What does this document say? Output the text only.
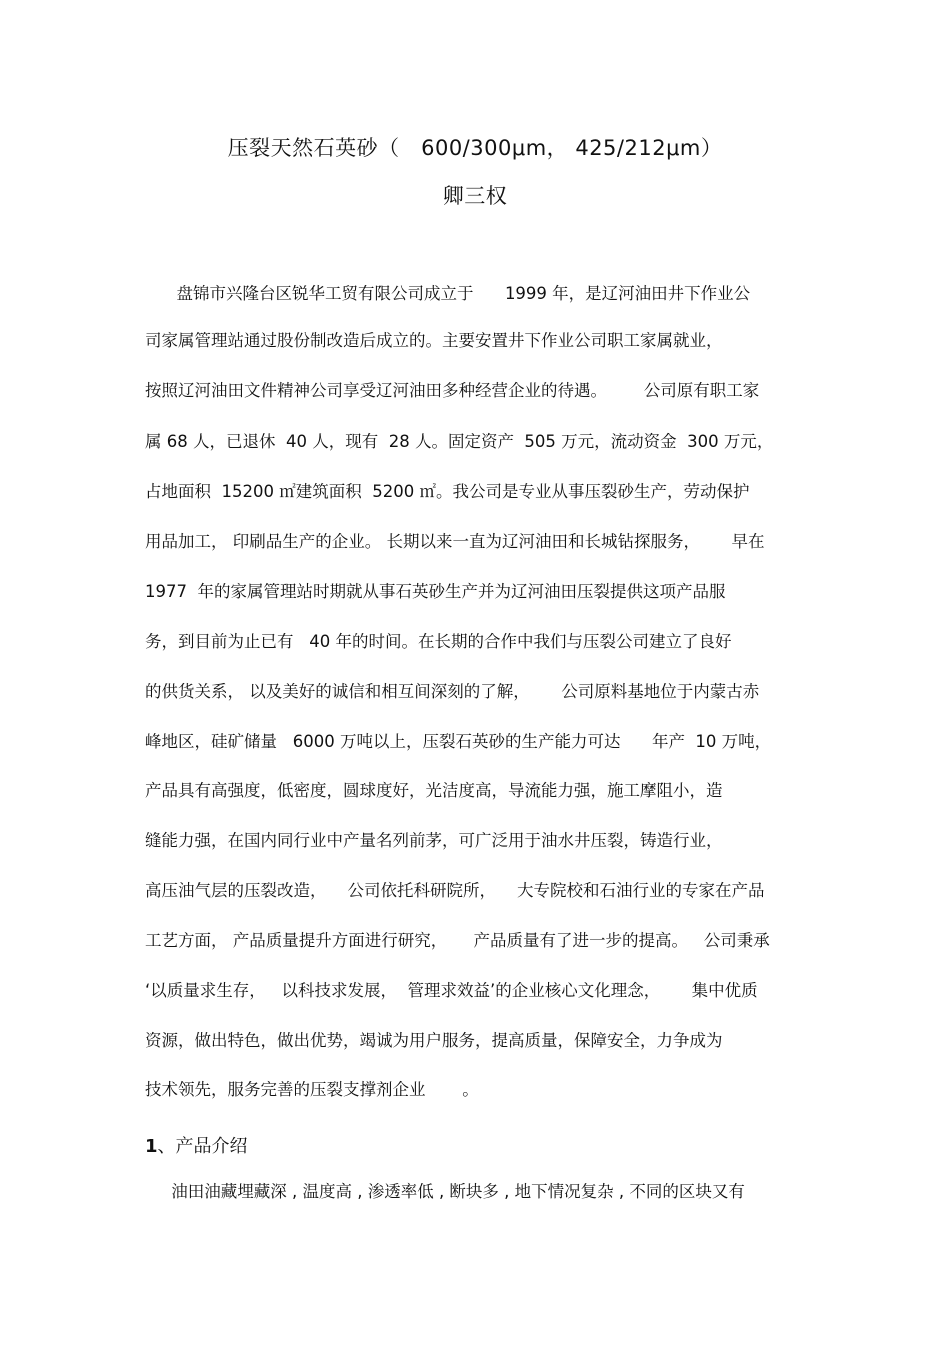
压裂天然石英砂（   600/300μm， 425/212μm）
卿三权
盘锦市兴隆台区锐华工贸有限公司成立于      1999 年，是辽河油田井下作业公
司家属管理站通过股份制改造后成立的。主要安置井下作业公司职工家属就业，
按照辽河油田文件精神公司享受辽河油田多种经营企业的待遇。       公司原有职工家
属 68 人，已退休  40 人，现有  28 人。固定资产  505 万元，流动资金  300 万元，
占地面积  15200 ㎡建筑面积  5200 ㎡。我公司是专业从事压裂砂生产，劳动保护
用品加工， 印刷品生产的企业。 长期以来一直为辽河油田和长城钻探服务，      早在
1977  年的家属管理站时期就从事石英砂生产并为辽河油田压裂提供这项产品服
务，到目前为止已有   40 年的时间。在长期的合作中我们与压裂公司建立了良好
的供货关系， 以及美好的诚信和相互间深刻的了解，      公司原料基地位于内蒙古赤
峰地区，硅矿储量   6000 万吨以上，压裂石英砂的生产能力可达      年产  10 万吨，
产品具有高强度，低密度，圆球度好，光洁度高，导流能力强，施工摩阻小，造
缝能力强，在国内同行业中产量名列前茅，可广泛用于油水井压裂，铸造行业，
高压油气层的压裂改造，    公司依托科研院所，    大专院校和石油行业的专家在产品
工艺方面， 产品质量提升方面进行研究，     产品质量有了进一步的提高。   公司秉承
‘以质量求生存，   以科技求发展，  管理求效益’的企业核心文化理念，      集中优质
资源，做出特色，做出优势，竭诚为用户服务，提高质量，保障安全，力争成为
技术领先，服务完善的压裂支撑剂企业       。
1、产品介绍
油田油藏埋藏深 , 温度高 , 渗透率低 , 断块多 , 地下情况复杂 , 不同的区块又有
